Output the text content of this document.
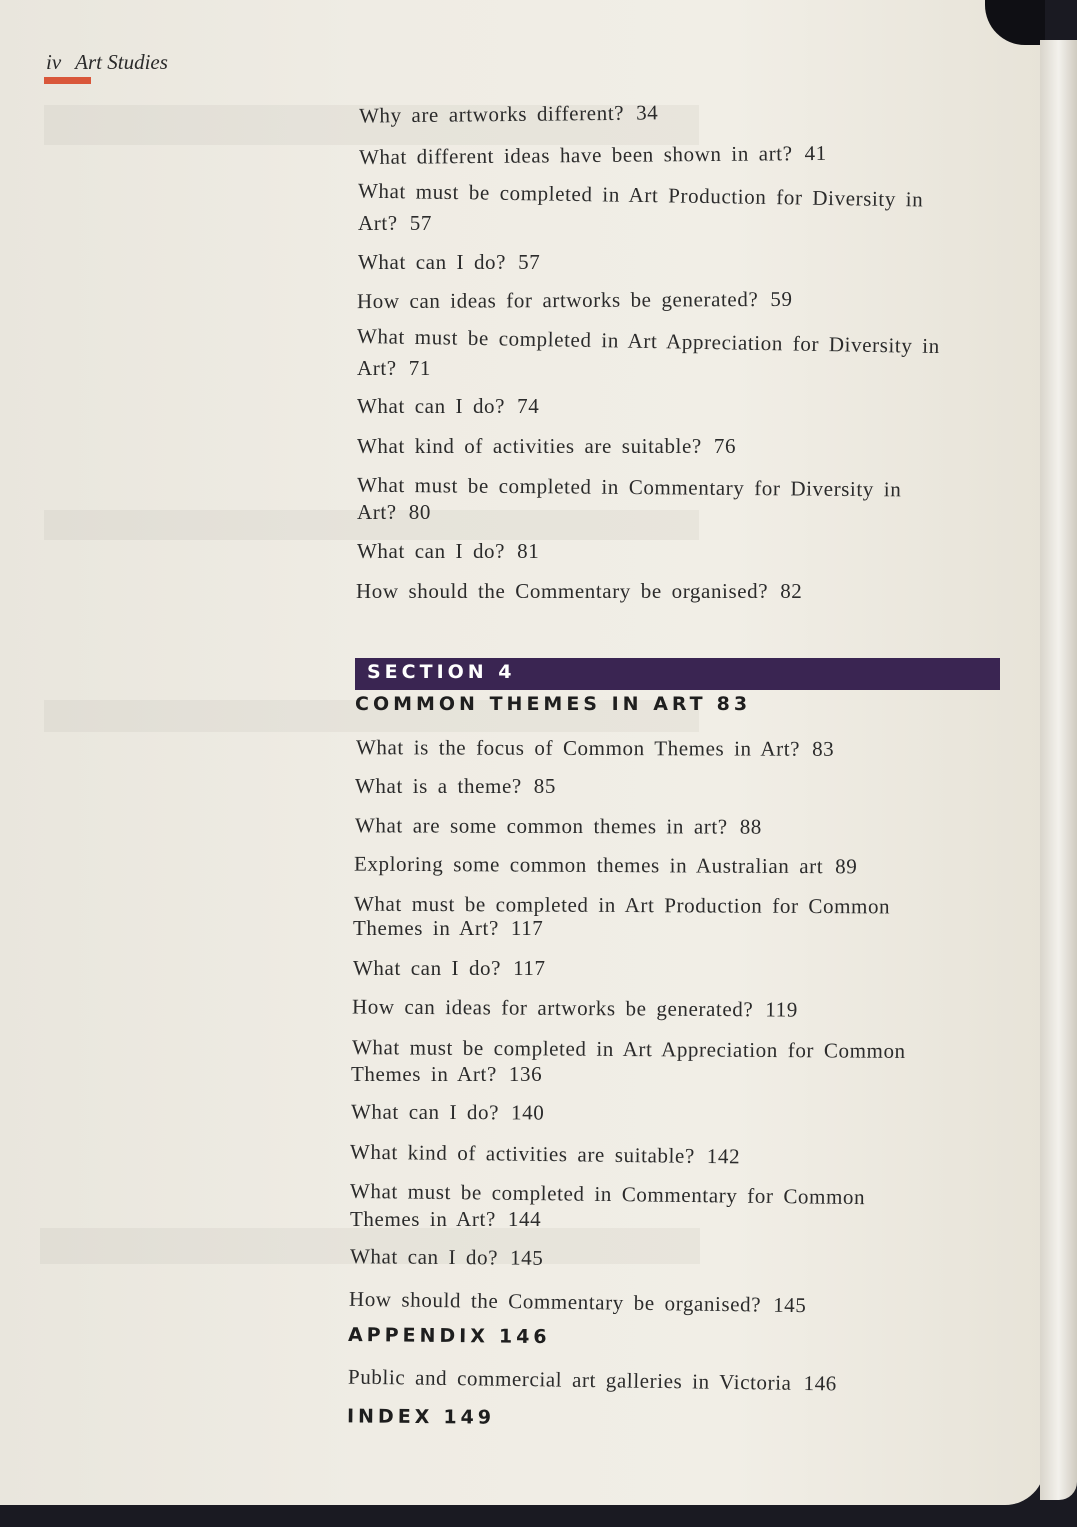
iv Art Studies
Why are artworks different? 34
What different ideas have been shown in art? 41
What must be completed in Art Production for Diversity in
Art? 57
What can I do? 57
How can ideas for artworks be generated? 59
What must be completed in Art Appreciation for Diversity in
Art? 71
What can I do? 74
What kind of activities are suitable? 76
What must be completed in Commentary for Diversity in
Art? 80
What can I do? 81
How should the Commentary be organised? 82
SECTION 4
COMMON THEMES IN ART 83
What is the focus of Common Themes in Art? 83
What is a theme? 85
What are some common themes in art? 88
Exploring some common themes in Australian art 89
What must be completed in Art Production for Common
Themes in Art? 117
What can I do? 117
How can ideas for artworks be generated? 119
What must be completed in Art Appreciation for Common
Themes in Art? 136
What can I do? 140
What kind of activities are suitable? 142
What must be completed in Commentary for Common
Themes in Art? 144
What can I do? 145
How should the Commentary be organised? 145
APPENDIX 146
Public and commercial art galleries in Victoria 146
INDEX 149
